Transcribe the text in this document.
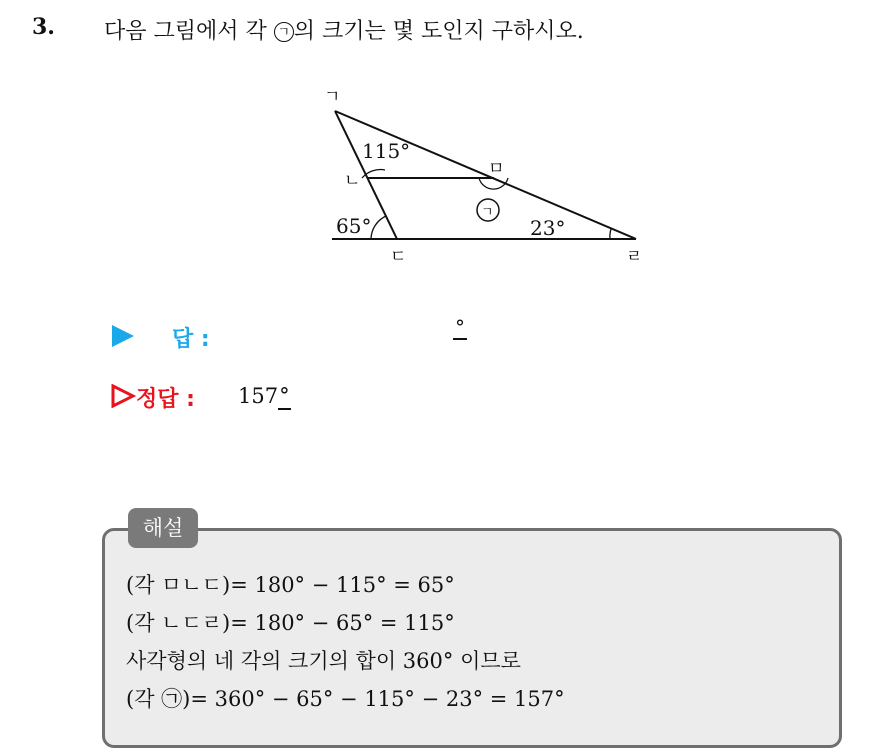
3. 다음 그림에서 각 ㄱ 의 크기는 몇 도인지 구하시오.
ㄱ
ㄴ
ㄷ	ㄹ
ㅁ
ㄱ
115°
65°	23°
답 :	°
정답 : 157°
해설
(각 ㅁㄴㄷ)= 180° − 115° = 65°
(각 ㄴㄷㄹ)= 180° − 65° = 115°
사각형의 네 각의 크기의 합이 360° 이므로
(각 ㉠)= 360° − 65° − 115° − 23° = 157°
